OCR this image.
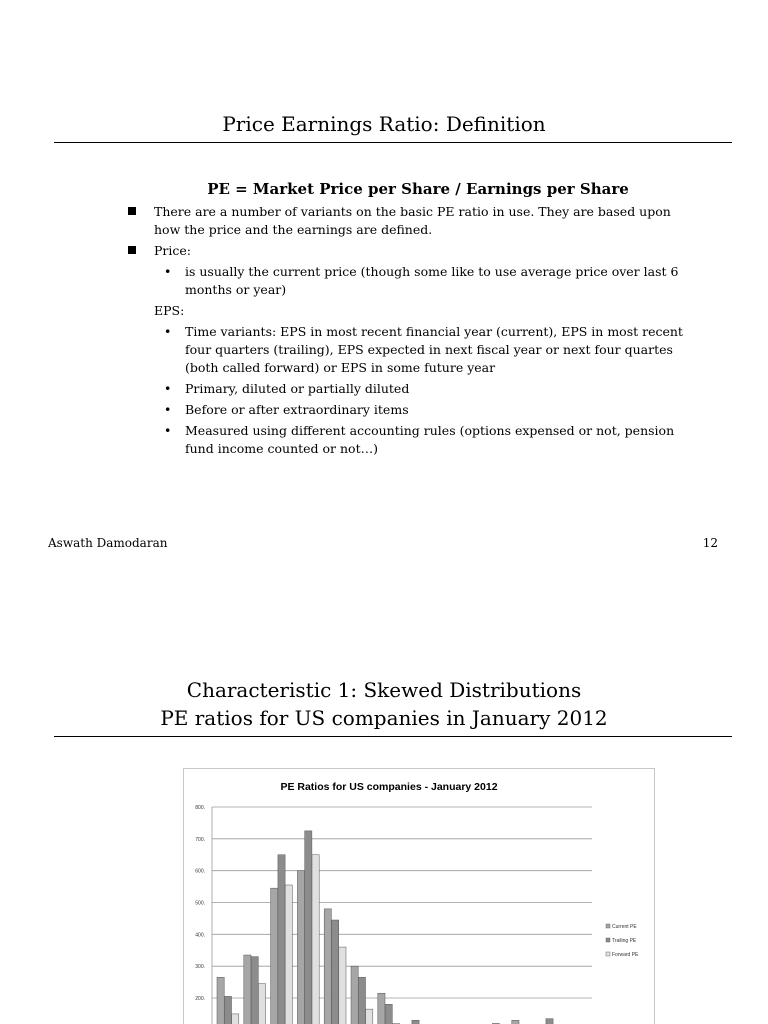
Price Earnings Ratio: Definition
PE = Market Price per Share / Earnings per Share
There are a number of variants on the basic PE ratio in use. They are based upon how the price and the earnings are defined.
Price:
• is usually the current price (though some like to use average price over last 6 months or year)
EPS:
• Time variants: EPS in most recent financial year (current), EPS in most recent four quarters (trailing), EPS expected in next fiscal year or next four quartes (both called forward) or EPS in some future year
• Primary, diluted or partially diluted
• Before or after extraordinary items
• Measured using different accounting rules (options expensed or not, pension fund income counted or not…)
Aswath Damodaran	12
Characteristic 1: Skewed Distributions
PE ratios for US companies in January 2012
PE Ratios for US companies - January 2012
200.
300.
400.
500.
600.
700.
800.
Current PE
Trailing PE
Forward PE
